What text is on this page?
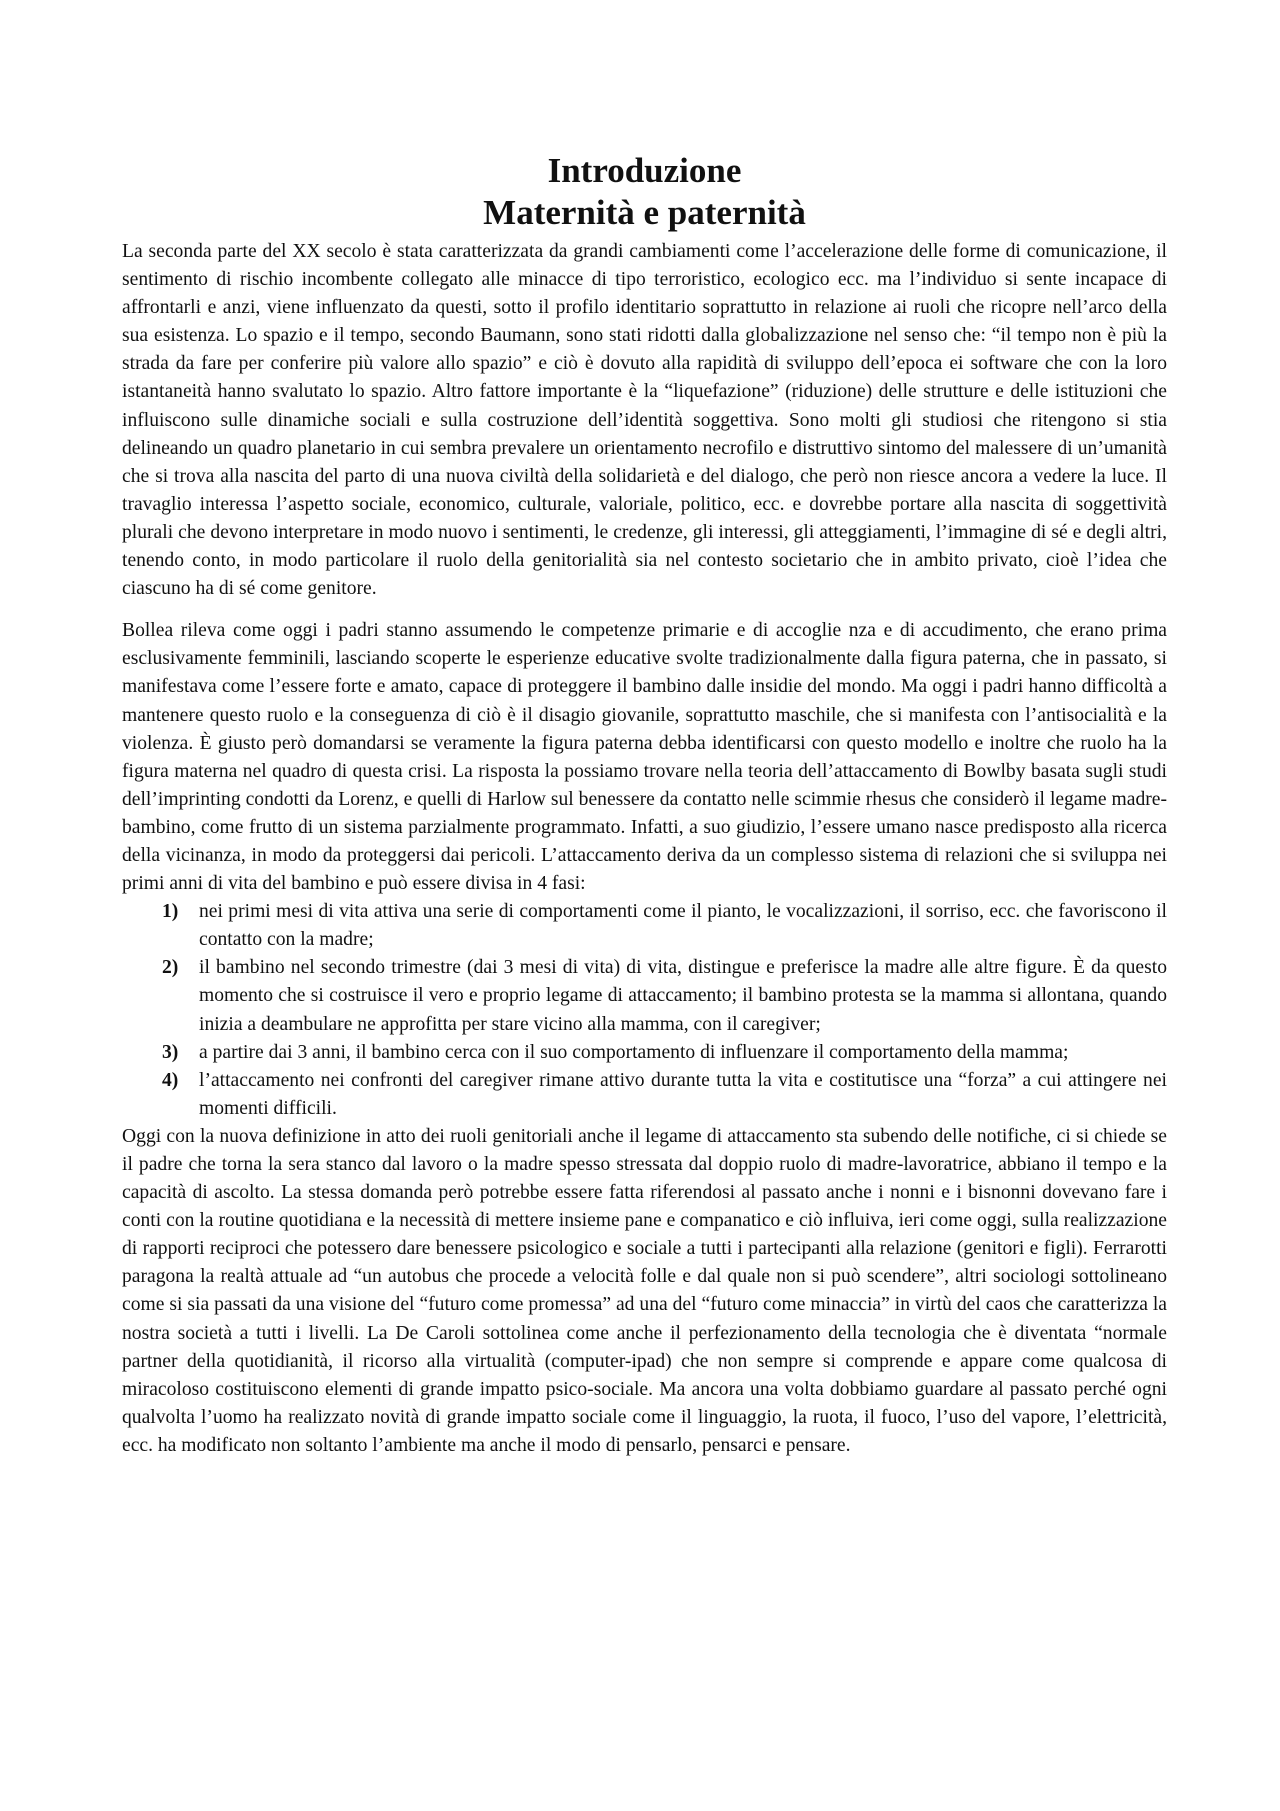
Introduzione
Maternità e paternità

La seconda parte del XX secolo è stata caratterizzata da grandi cambiamenti come l’accelerazione delle forme di comunicazione, il sentimento di rischio incombente collegato alle minacce di tipo terroristico, ecologico ecc. ma l’individuo si sente incapace di affrontarli e anzi, viene influenzato da questi, sotto il profilo identitario soprattutto in relazione ai ruoli che ricopre nell’arco della sua esistenza. Lo spazio e il tempo, secondo Baumann, sono stati ridotti dalla globalizzazione nel senso che: “il tempo non è più la strada da fare per conferire più valore allo spazio” e ciò è dovuto alla rapidità di sviluppo dell’epoca ei software che con la loro istantaneità hanno svalutato lo spazio. Altro fattore importante è la “liquefazione” (riduzione) delle strutture e delle istituzioni che influiscono sulle dinamiche sociali e sulla costruzione dell’identità soggettiva. Sono molti gli studiosi che ritengono si stia delineando un quadro planetario in cui sembra prevalere un orientamento necrofilo e distruttivo sintomo del malessere di un’umanità che si trova alla nascita del parto di una nuova civiltà della solidarietà e del dialogo, che però non riesce ancora a vedere la luce. Il travaglio interessa l’aspetto sociale, economico, culturale, valoriale, politico, ecc. e dovrebbe portare alla nascita di soggettività plurali che devono interpretare in modo nuovo i sentimenti, le credenze, gli interessi, gli atteggiamenti, l’immagine di sé e degli altri, tenendo conto, in modo particolare il ruolo della genitorialità sia nel contesto societario che in ambito privato, cioè l’idea che ciascuno ha di sé come genitore.

Bollea rileva come oggi i padri stanno assumendo le competenze primarie e di accoglie nza e di accudimento, che erano prima esclusivamente femminili, lasciando scoperte le esperienze educative svolte tradizionalmente dalla figura paterna, che in passato, si manifestava come l’essere forte e amato, capace di proteggere il bambino dalle insidie del mondo. Ma oggi i padri hanno difficoltà a mantenere questo ruolo e la conseguenza di ciò è il disagio giovanile, soprattutto maschile, che si manifesta con l’antisocialità e la violenza. È giusto però domandarsi se veramente la figura paterna debba identificarsi con questo modello e inoltre che ruolo ha la figura materna nel quadro di questa crisi. La risposta la possiamo trovare nella teoria dell’attaccamento di Bowlby basata sugli studi dell’imprinting condotti da Lorenz, e quelli di Harlow sul benessere da contatto nelle scimmie rhesus che considerò il legame madre-bambino, come frutto di un sistema parzialmente programmato. Infatti, a suo giudizio, l’essere umano nasce predisposto alla ricerca della vicinanza, in modo da proteggersi dai pericoli. L’attaccamento deriva da un complesso sistema di relazioni che si sviluppa nei primi anni di vita del bambino e può essere divisa in 4 fasi:

1) nei primi mesi di vita attiva una serie di comportamenti come il pianto, le vocalizzazioni, il sorriso, ecc. che favoriscono il contatto con la madre;
2) il bambino nel secondo trimestre (dai 3 mesi di vita) di vita, distingue e preferisce la madre alle altre figure. È da questo momento che si costruisce il vero e proprio legame di attaccamento; il bambino protesta se la mamma si allontana, quando inizia a deambulare ne approfitta per stare vicino alla mamma, con il caregiver;
3) a partire dai 3 anni, il bambino cerca con il suo comportamento di influenzare il comportamento della mamma;
4) l’attaccamento nei confronti del caregiver rimane attivo durante tutta la vita e costitutisce una “forza” a cui attingere nei momenti difficili.

Oggi con la nuova definizione in atto dei ruoli genitoriali anche il legame di attaccamento sta subendo delle notifiche, ci si chiede se il padre che torna la sera stanco dal lavoro o la madre spesso stressata dal doppio ruolo di madre-lavoratrice, abbiano il tempo e la capacità di ascolto. La stessa domanda però potrebbe essere fatta riferendosi al passato anche i nonni e i bisnonni dovevano fare i conti con la routine quotidiana e la necessità di mettere insieme pane e companatico e ciò influiva, ieri come oggi, sulla realizzazione di rapporti reciproci che potessero dare benessere psicologico e sociale a tutti i partecipanti alla relazione (genitori e figli). Ferrarotti paragona la realtà attuale ad “un autobus che procede a velocità folle e dal quale non si può scendere”, altri sociologi sottolineano come si sia passati da una visione del “futuro come promessa” ad una del “futuro come minaccia” in virtù del caos che caratterizza la nostra società a tutti i livelli. La De Caroli sottolinea come anche il perfezionamento della tecnologia che è diventata “normale partner della quotidianità, il ricorso alla virtualità (computer-ipad) che non sempre si comprende e appare come qualcosa di miracoloso costituiscono elementi di grande impatto psico-sociale. Ma ancora una volta dobbiamo guardare al passato perché ogni qualvolta l’uomo ha realizzato novità di grande impatto sociale come il linguaggio, la ruota, il fuoco, l’uso del vapore, l’elettricità, ecc. ha modificato non soltanto l’ambiente ma anche il modo di pensarlo, pensarci e pensare.
